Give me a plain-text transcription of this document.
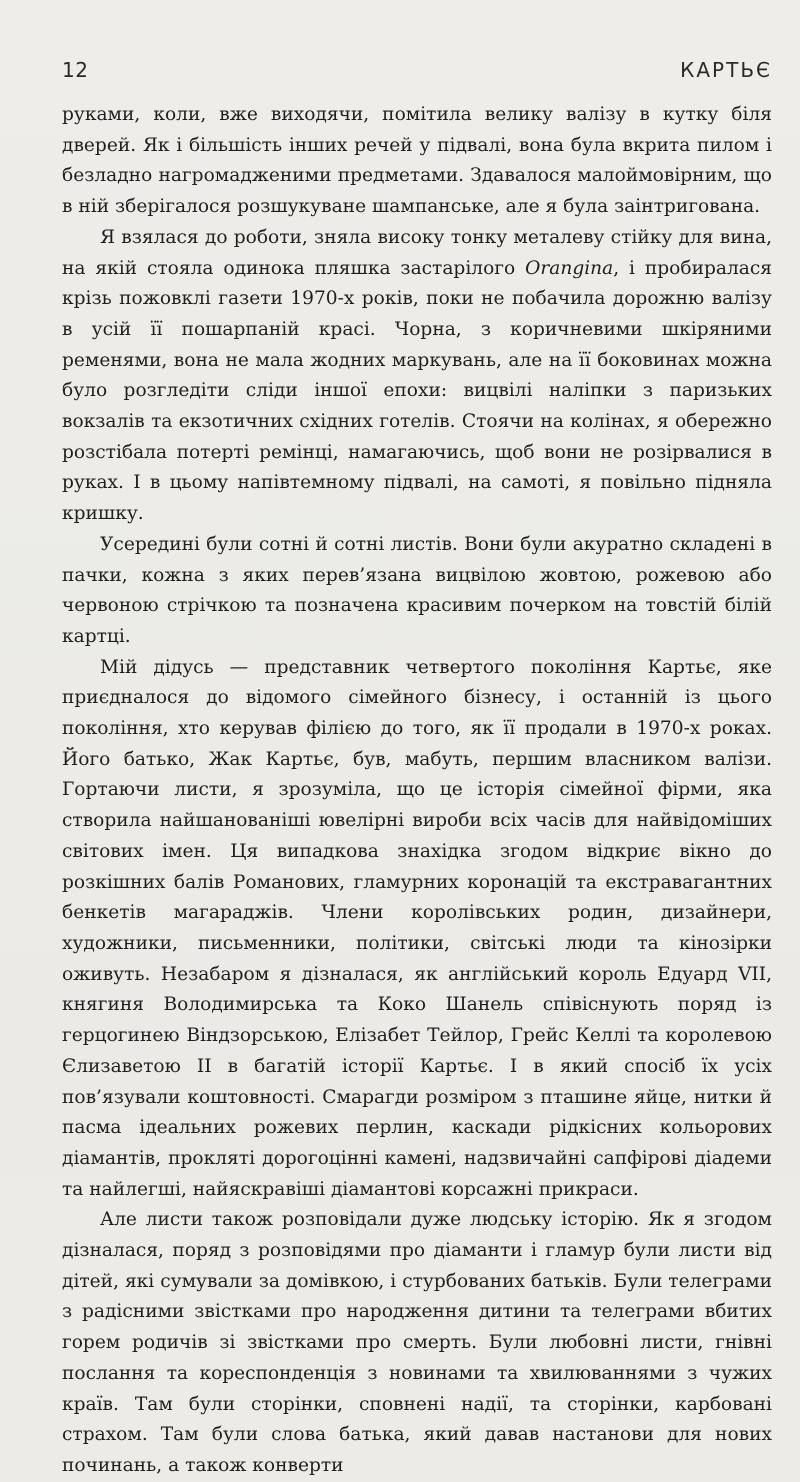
12	КАРТЬЄ

руками, коли, вже виходячи, помітила велику валізу в кутку біля дверей. Як і більшість інших речей у підвалі, вона була вкрита пилом і безладно нагромадженими предметами. Здавалося малоймовірним, що в ній зберігалося розшукуване шампанське, але я була заінтригована.

Я взялася до роботи, зняла високу тонку металеву стійку для вина, на якій стояла одинока пляшка застарілого Orangina, і пробиралася крізь пожовклі газети 1970-х років, поки не побачила дорожню валізу в усій її пошарпаній красі. Чорна, з коричневими шкіряними ременями, вона не мала жодних маркувань, але на її боковинах можна було розгледіти сліди іншої епохи: вицвілі наліпки з паризьких вокзалів та екзотичних східних готелів. Стоячи на колінах, я обережно розстібала потерті ремінці, намагаючись, щоб вони не розірвалися в руках. І в цьому напівтемному підвалі, на самоті, я повільно підняла кришку.

Усередині були сотні й сотні листів. Вони були акуратно складені в пачки, кожна з яких перев’язана вицвілою жовтою, рожевою або червоною стрічкою та позначена красивим почерком на товстій білій картці.

Мій дідусь — представник четвертого покоління Картьє, яке приєдналося до відомого сімейного бізнесу, і останній із цього покоління, хто керував філією до того, як її продали в 1970-х роках. Його батько, Жак Картьє, був, мабуть, першим власником валізи. Гортаючи листи, я зрозуміла, що це історія сімейної фірми, яка створила найшанованіші ювелірні вироби всіх часів для найвідоміших світових імен. Ця випадкова знахідка згодом відкриє вікно до розкішних балів Романових, гламурних коронацій та екстравагантних бенкетів магараджів. Члени королівських родин, дизайнери, художники, письменники, політики, світські люди та кінозірки оживуть. Незабаром я дізналася, як англійський король Едуард VII, княгиня Володимирська та Коко Шанель співіснують поряд із герцогинею Віндзорською, Елізабет Тейлор, Грейс Келлі та королевою Єлизаветою II в багатій історії Картьє. І в який спосіб їх усіх пов’язували коштовності. Смарагди розміром з пташине яйце, нитки й пасма ідеальних рожевих перлин, каскади рідкісних кольорових діамантів, прокляті дорогоцінні камені, надзвичайні сапфірові діадеми та найлегші, найяскравіші діамантові корсажні прикраси.

Але листи також розповідали дуже людську історію. Як я згодом дізналася, поряд з розповідями про діаманти і гламур були листи від дітей, які сумували за домівкою, і стурбованих батьків. Були телеграми з радісними звістками про народження дитини та телеграми вбитих горем родичів зі звістками про смерть. Були любовні листи, гнівні послання та кореспонденція з новинами та хвилюваннями з чужих країв. Там були сторінки, сповнені надії, та сторінки, карбовані страхом. Там були слова батька, який давав настанови для нових починань, а також конверти
